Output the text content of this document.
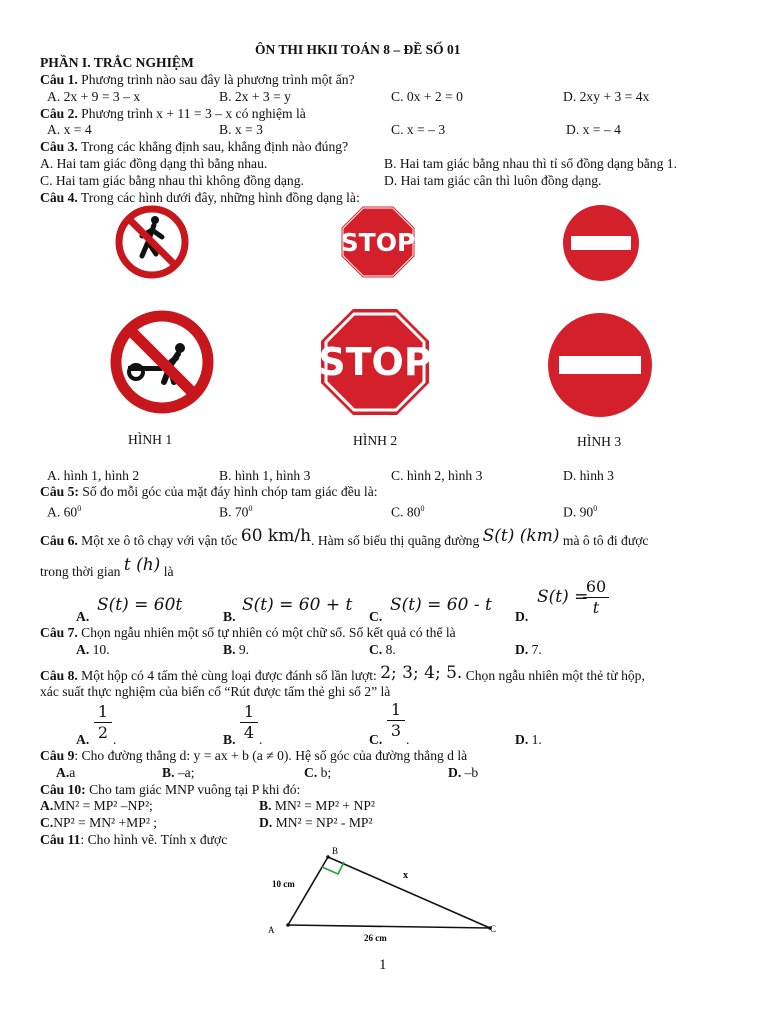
ÔN THI HKII TOÁN 8 – ĐỀ SỐ 01
PHẦN I. TRẮC NGHIỆM
Câu 1. Phương trình nào sau đây là phương trình một ẩn?
A. 2x + 9 = 3 – x	B. 2x + 3 = y	C. 0x + 2 = 0	D. 2xy + 3 = 4x
Câu 2. Phương trình x + 11 = 3 – x có nghiệm là
A. x = 4	B. x = 3	C. x = – 3	D. x = – 4
Câu 3. Trong các khẳng định sau, khẳng định nào đúng?
A. Hai tam giác đồng dạng thì bằng nhau.	B. Hai tam giác bằng nhau thì tỉ số đồng dạng bằng 1.
C. Hai tam giác bằng nhau thì không đồng dạng.	D. Hai tam giác cân thì luôn đồng dạng.
Câu 4. Trong các hình dưới đây, những hình đồng dạng là:
STOP
STOP
HÌNH 1	HÌNH 2	HÌNH 3
A. hình 1, hình 2	B. hình 1, hình 3	C. hình 2, hình 3	D. hình 3
Câu 5: Số đo mỗi góc của mặt đáy hình chóp tam giác đều là:
A. $60^0$	B. $70^0$	C. $80^0$	D. $90^0$
Câu 6. Một xe ô tô chạy với vận tốc 60 km/h. Hàm số biểu thị quãng đường S(t) (km) mà ô tô đi được
trong thời gian t (h) là
A.
S(t) = 60t
B.
S(t) = 60 + t
C.
S(t) = 60 - t
D.
S(t) =
60
t
Câu 7. Chọn ngẫu nhiên một số tự nhiên có một chữ số. Số kết quả có thể là
A. 10.	B. 9.	C. 8.	D. 7.
Câu 8. Một hộp có 4 tấm thẻ cùng loại được đánh số lần lượt: 2; 3; 4; 5. Chọn ngẫu nhiên một thẻ từ hộp,
xác suất thực nghiệm của biến cố “Rút được tấm thẻ ghi số 2” là
A.
1
2 .	B.
1
4 .	C.
1
3 .	D. 1.
Câu 9: Cho đường thẳng d: y = ax + b (a ≠ 0). Hệ số góc của đường thẳng d là
A.a	B. –a;	C. b;	D. –b
Câu 10: Cho tam giác MNP vuông tại P khi đó:
A.MN² = MP² –NP²;	B. MN² = MP² + NP²
C.NP² = MN² +MP² ;	D. MN² = NP² - MP²
Câu 11: Cho hình vẽ. Tính x được
B
A	C
10 cm
x
26 cm
1
